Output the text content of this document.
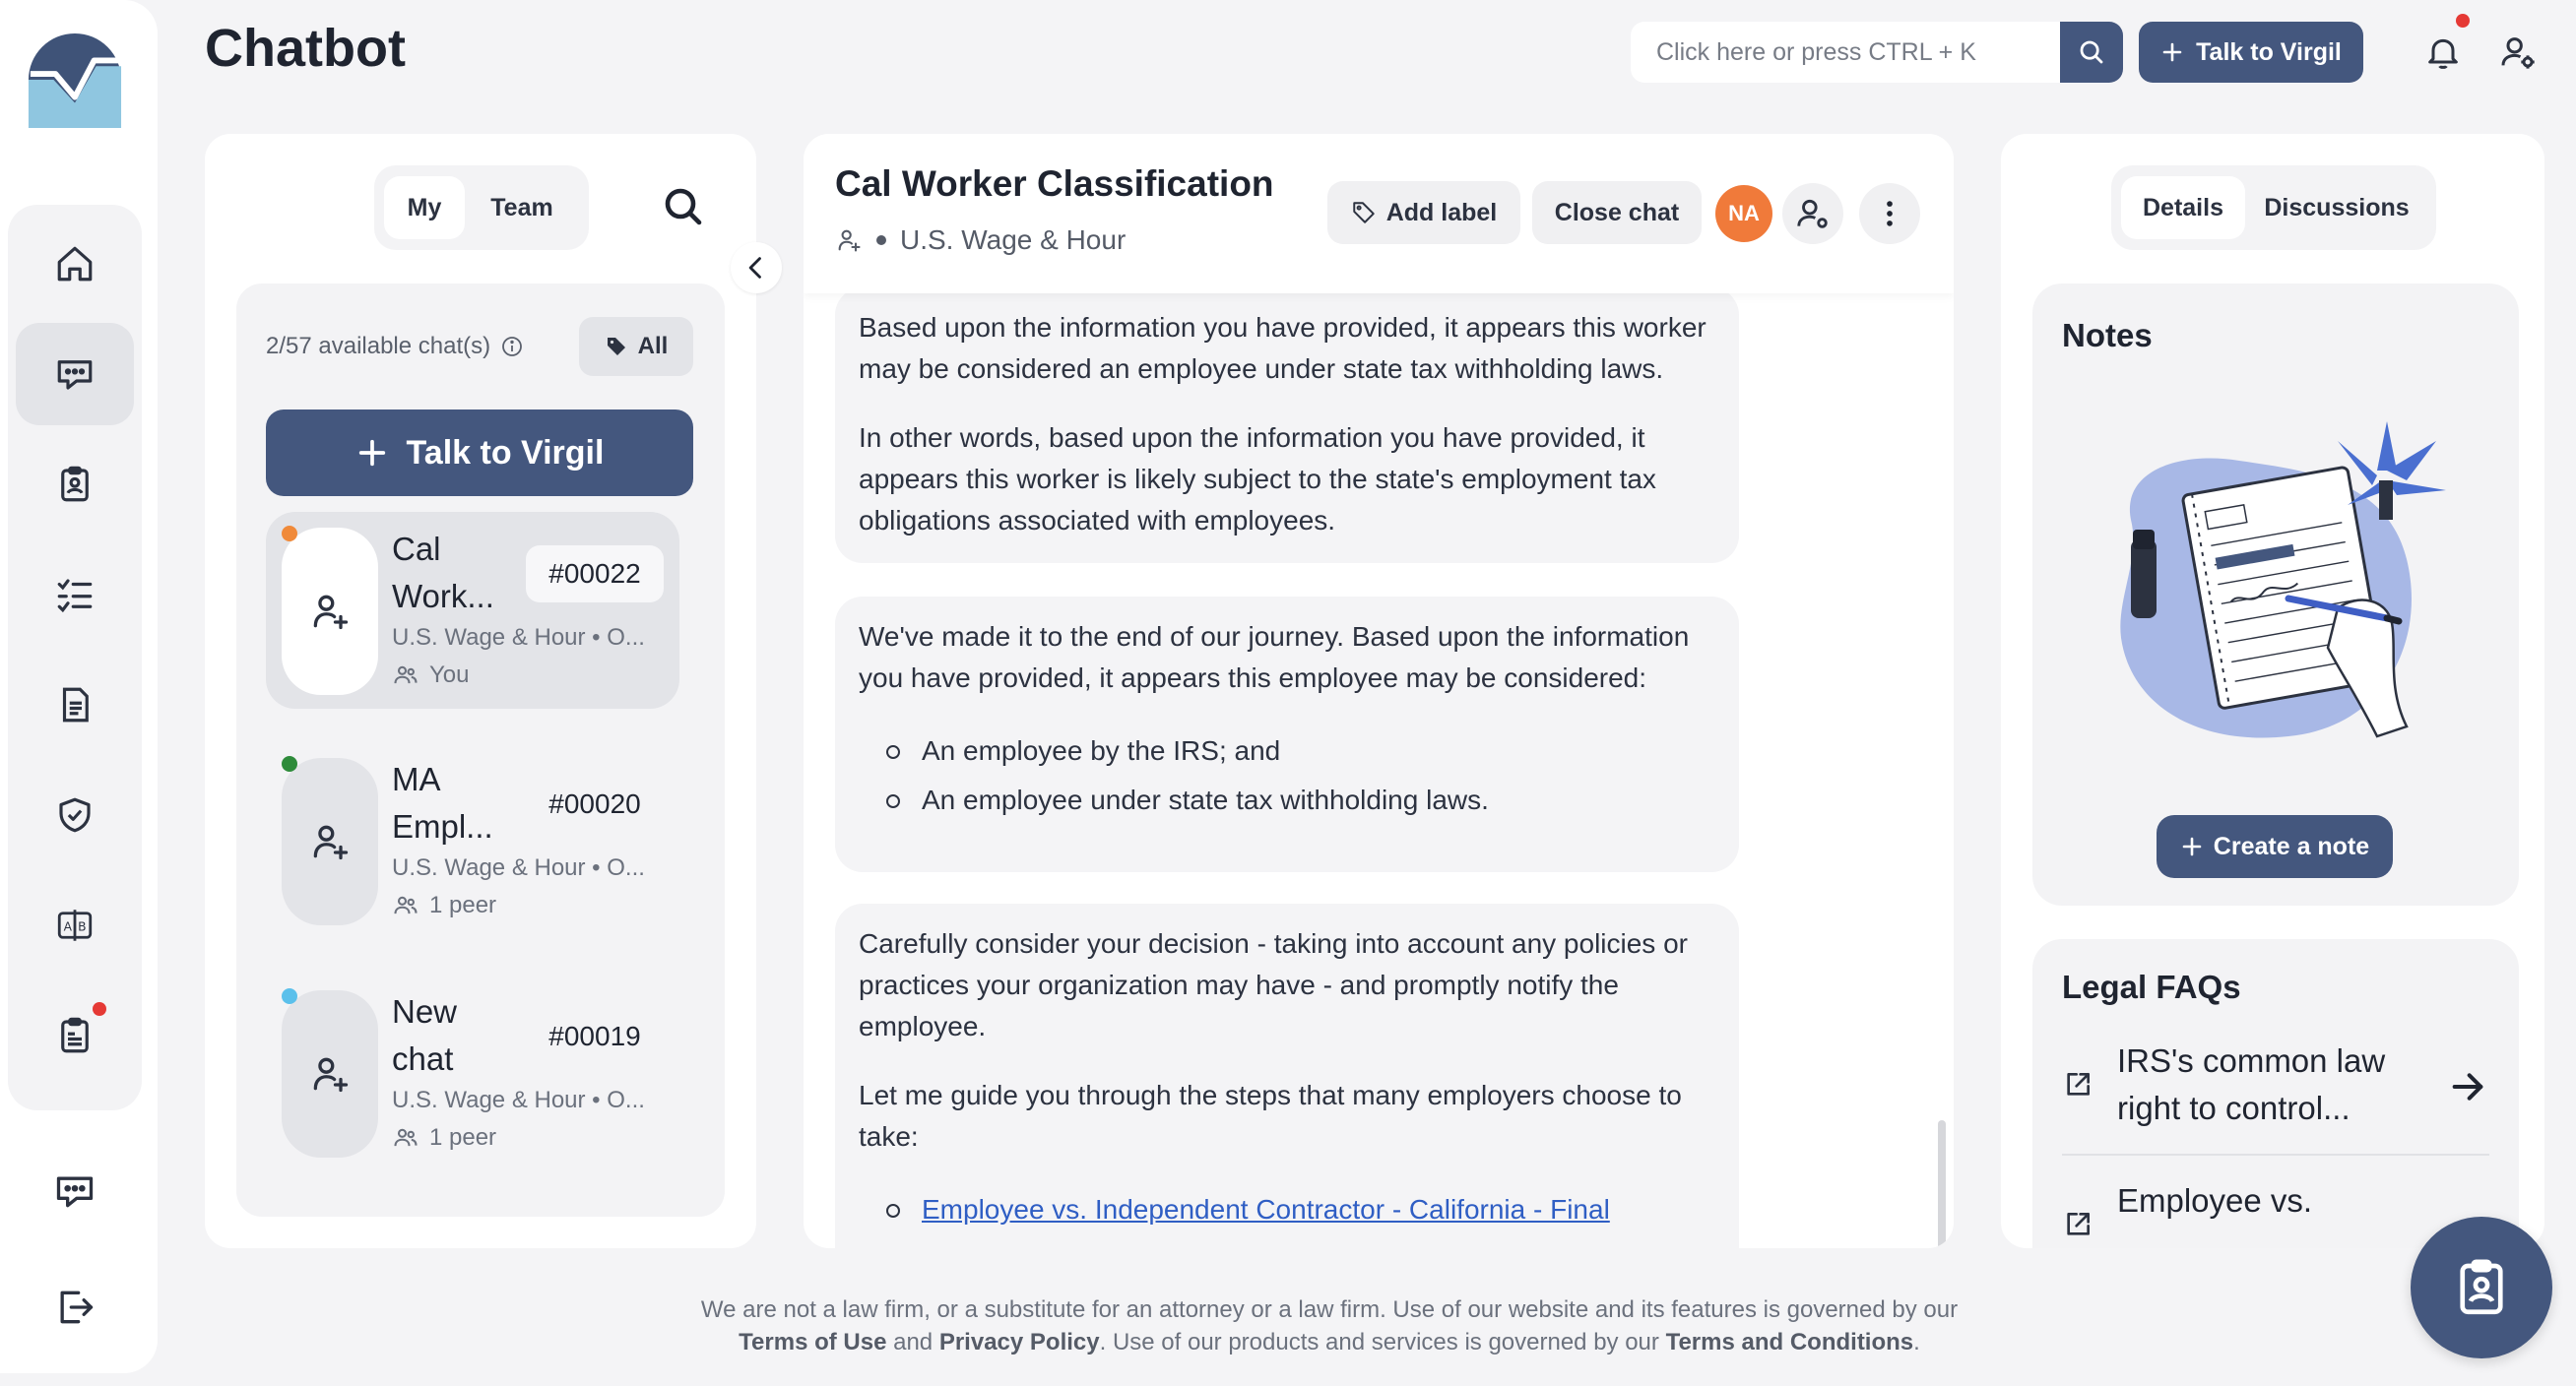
A B
Chatbot
Click here or press CTRL + K	Talk to Virgil
My	Team
2/57 available chat(s)	All
Talk to Virgil
Cal Work...
#00022
U.S. Wage & Hour • O...
You
MA Empl...
#00020
U.S. Wage & Hour • O...
1 peer
New chat
#00019
U.S. Wage & Hour • O...
1 peer
Cal Worker Classification
U.S. Wage & Hour
Add label	Close chat	NA

Based upon the information you have provided, it appears this worker may be considered an employee under state tax withholding laws.

In other words, based upon the information you have provided, it appears this worker is likely subject to the state's employment tax obligations associated with employees.

We've made it to the end of our journey. Based upon the information you have provided, it appears this employee may be considered:

An employee by the IRS; and
An employee under state tax withholding laws.

Carefully consider your decision - taking into account any policies or practices your organization may have - and promptly notify the employee.

Let me guide you through the steps that many employers choose to take:

Employee vs. Independent Contractor - California - Final
Details	Discussions
Notes
Create a note
Legal FAQs
IRS's common law right to control...
Employee vs.
We are not a law firm, or a substitute for an attorney or a law firm. Use of our website and its features is governed by our
Terms of Use and Privacy Policy. Use of our products and services is governed by our Terms and Conditions.
